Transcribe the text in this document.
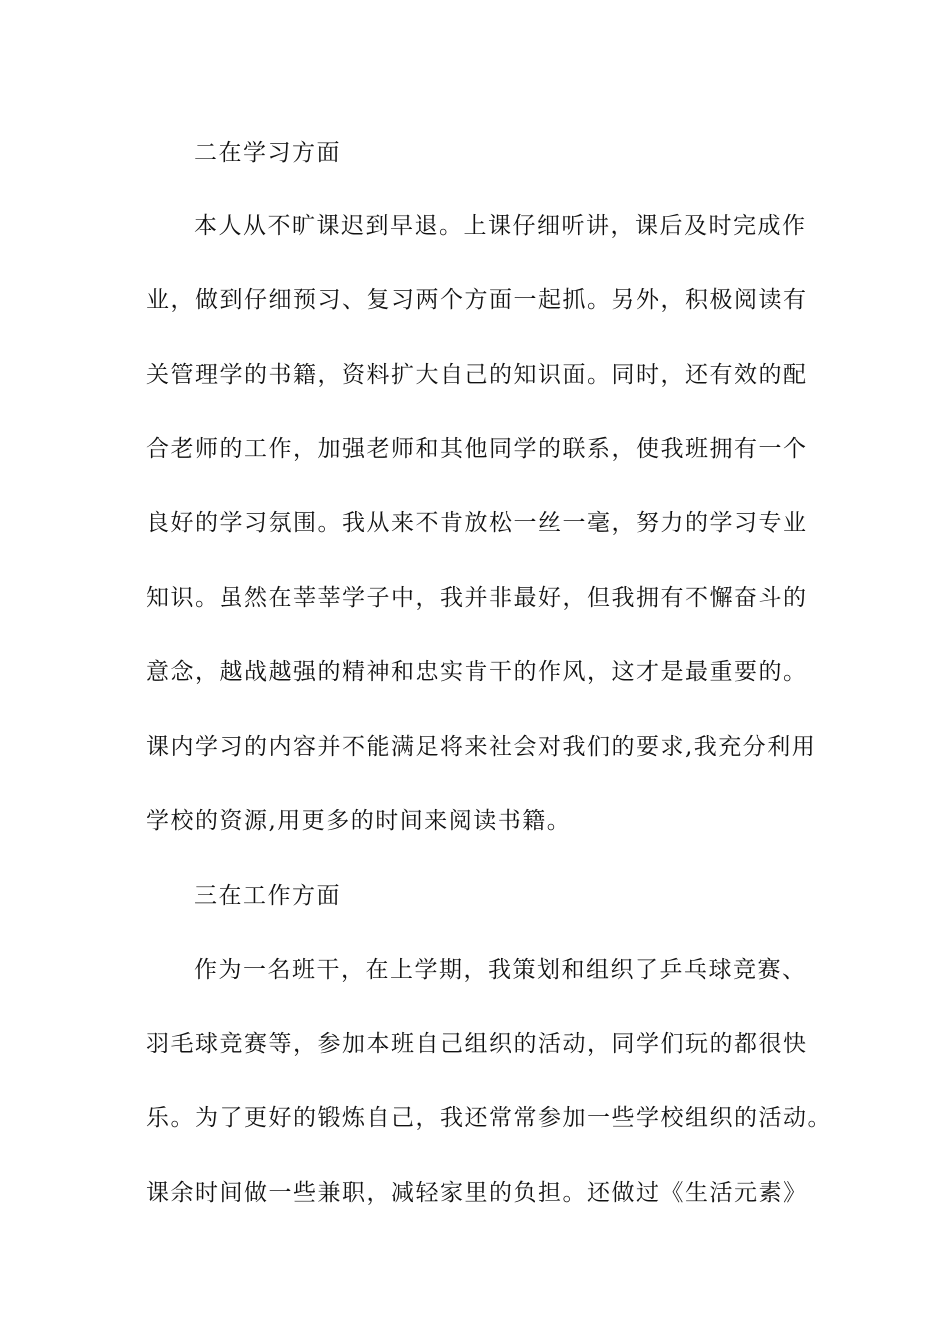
二在学习方面
本人从不旷课迟到早退。上课仔细听讲，课后及时完成作
业，做到仔细预习、复习两个方面一起抓。另外，积极阅读有
关管理学的书籍，资料扩大自己的知识面。同时，还有效的配
合老师的工作，加强老师和其他同学的联系，使我班拥有一个
良好的学习氛围。我从来不肯放松一丝一毫，努力的学习专业
知识。虽然在莘莘学子中，我并非最好，但我拥有不懈奋斗的
意念，越战越强的精神和忠实肯干的作风，这才是最重要的。
课内学习的内容并不能满足将来社会对我们的要求,我充分利用
学校的资源,用更多的时间来阅读书籍。
三在工作方面
作为一名班干，在上学期，我策划和组织了乒乓球竞赛、
羽毛球竞赛等，参加本班自己组织的活动，同学们玩的都很快
乐。为了更好的锻炼自己，我还常常参加一些学校组织的活动。
课余时间做一些兼职，减轻家里的负担。还做过《生活元素》
